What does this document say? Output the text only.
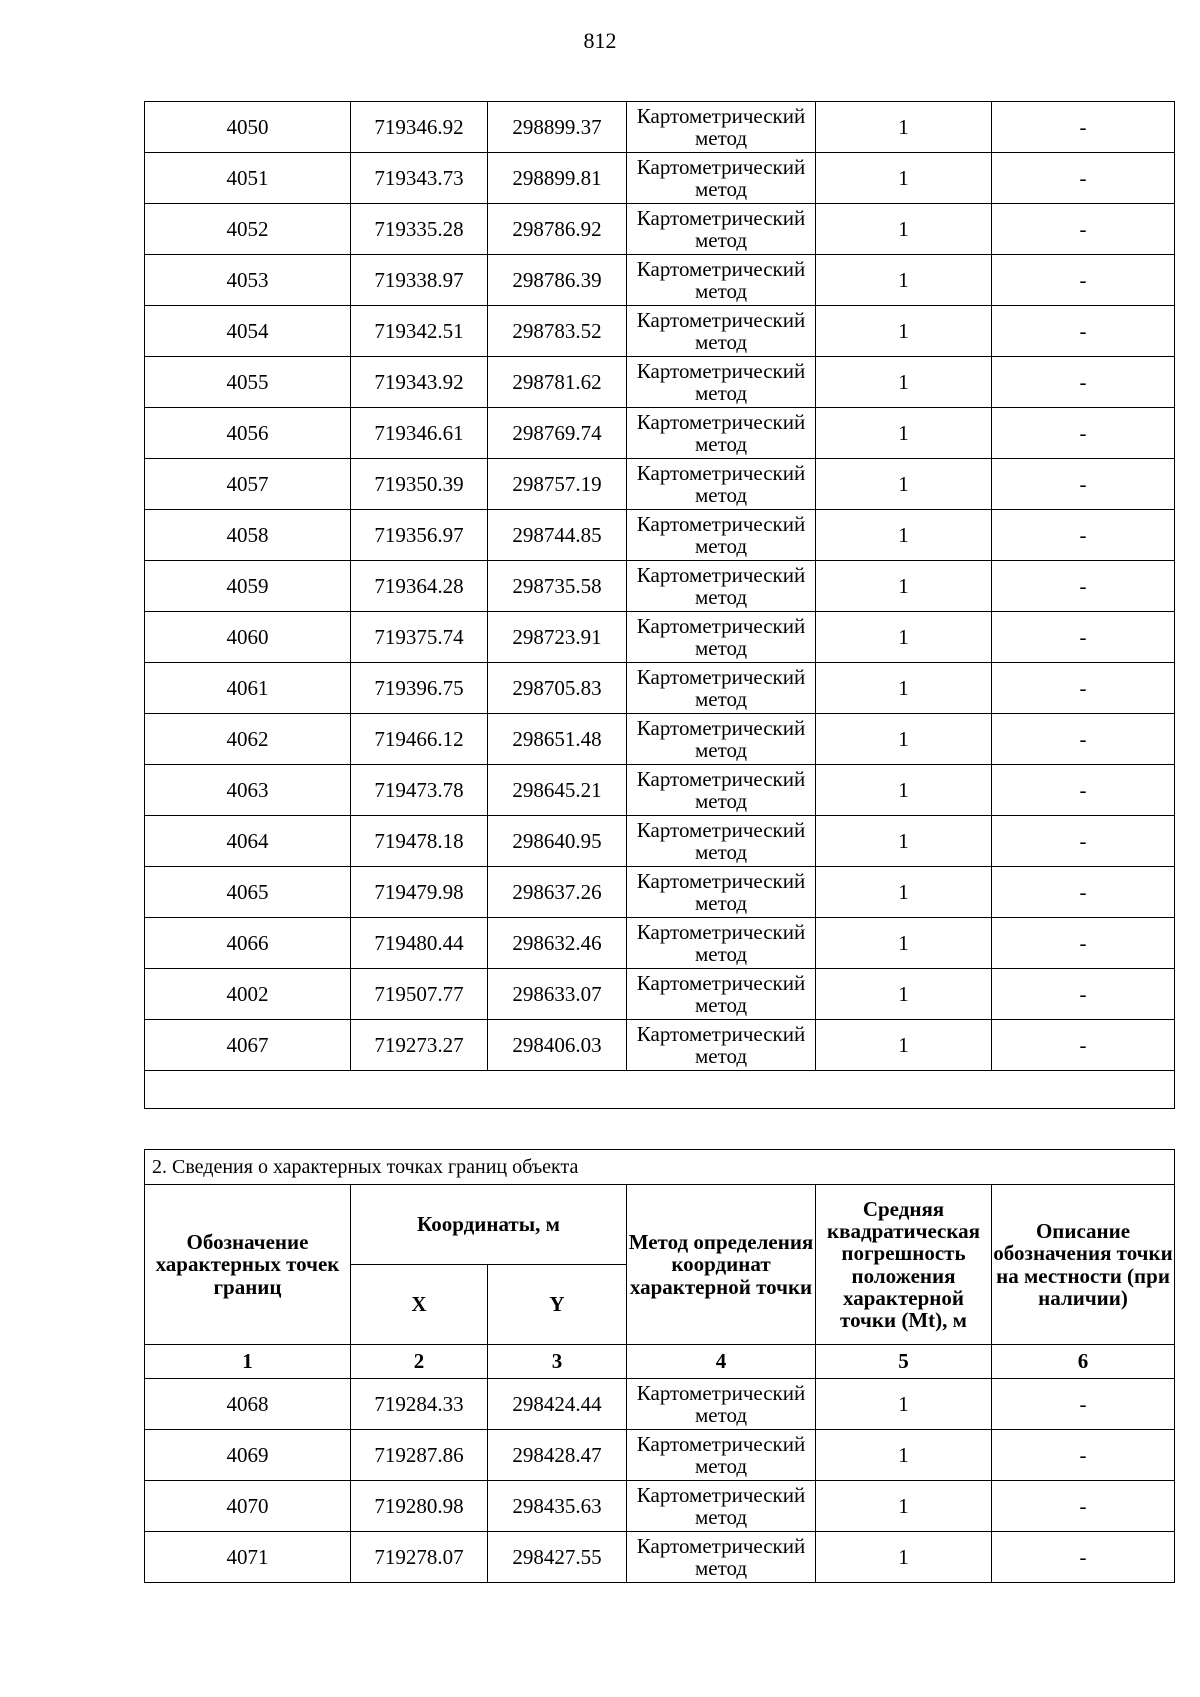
812
4050	719346.92	298899.37	Картометрический метод	1	-
4051	719343.73	298899.81	Картометрический метод	1	-
4052	719335.28	298786.92	Картометрический метод	1	-
4053	719338.97	298786.39	Картометрический метод	1	-
4054	719342.51	298783.52	Картометрический метод	1	-
4055	719343.92	298781.62	Картометрический метод	1	-
4056	719346.61	298769.74	Картометрический метод	1	-
4057	719350.39	298757.19	Картометрический метод	1	-
4058	719356.97	298744.85	Картометрический метод	1	-
4059	719364.28	298735.58	Картометрический метод	1	-
4060	719375.74	298723.91	Картометрический метод	1	-
4061	719396.75	298705.83	Картометрический метод	1	-
4062	719466.12	298651.48	Картометрический метод	1	-
4063	719473.78	298645.21	Картометрический метод	1	-
4064	719478.18	298640.95	Картометрический метод	1	-
4065	719479.98	298637.26	Картометрический метод	1	-
4066	719480.44	298632.46	Картометрический метод	1	-
4002	719507.77	298633.07	Картометрический метод	1	-
4067	719273.27	298406.03	Картометрический метод	1	-

2. Сведения о характерных точках границ объекта					
Обозначение характерных точек границ	Координаты, м		Метод определения координат характерной точки	Средняя квадратическая погрешность положения характерной точки (Mt), м	Описание обозначения точки на местности (при наличии)
	X	Y			
1	2	3	4	5	6
4068	719284.33	298424.44	Картометрический метод	1	-
4069	719287.86	298428.47	Картометрический метод	1	-
4070	719280.98	298435.63	Картометрический метод	1	-
4071	719278.07	298427.55	Картометрический метод	1	-
